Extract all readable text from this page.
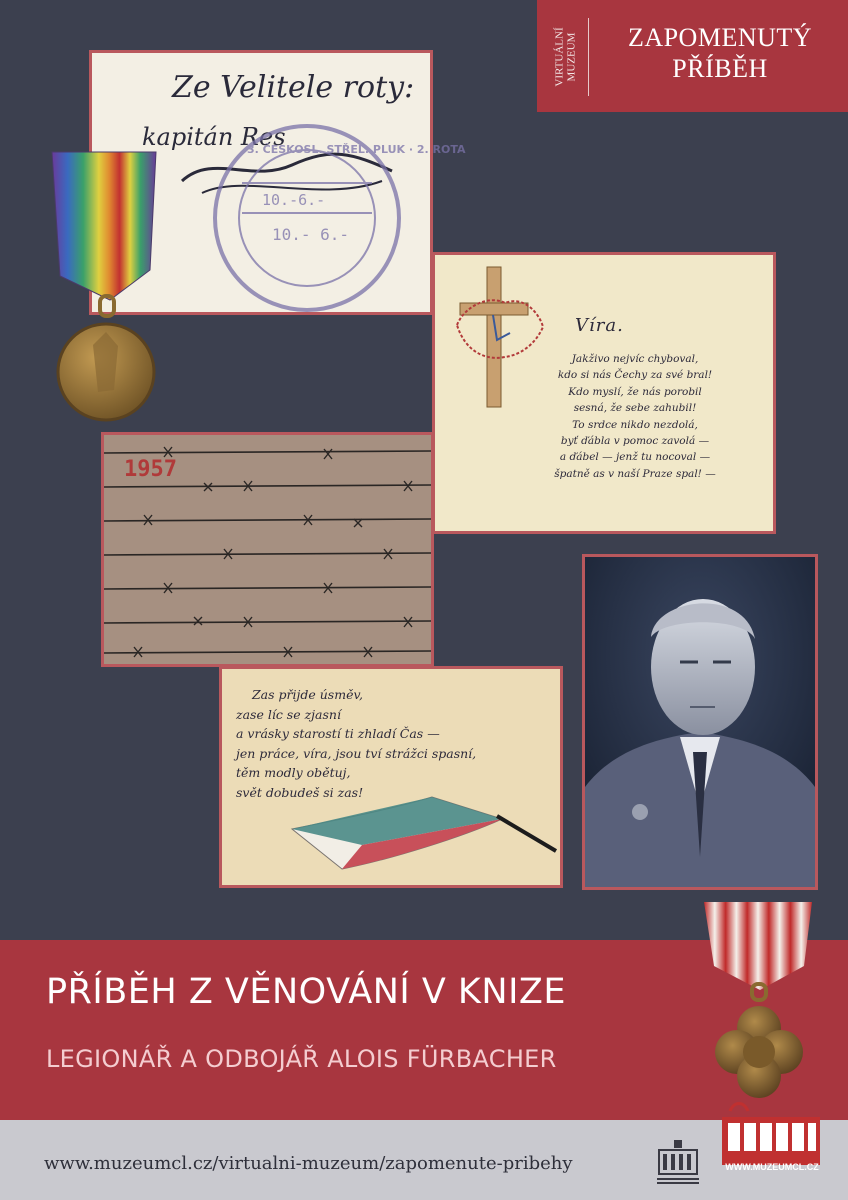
VIRTUÁLNÍ MUZEUM	ZAPOMENUTÝ
PŘÍBĚH
Ze Velitele roty:
kapitán Res
10.- 6.-
10.-6.-
3. ČESKOSL. STŘEL. PLUK · 2. ROTA
Víra.
Jakživo nejvíc chyboval,
kdo si nás Čechy za své bral!
Kdo myslí, že nás porobil
sesná, že sebe zahubil!
To srdce nikdo nezdolá,
byť ďábla v pomoc zavolá —
a ďábel — jenž tu nocoval —
špatně as v naší Praze spal! —
1957
Zas přijde úsměv,
zase líc se zjasní
a vrásky starostí ti zhladí Čas —
jen práce, víra, jsou tví strážci spasní,
těm modly obětuj,
svět dobudeš si zas!
PŘÍBĚH Z VĚNOVÁNÍ V KNIZE
LEGIONÁŘ A ODBOJÁŘ ALOIS FÜRBACHER
www.muzeumcl.cz/virtualni-muzeum/zapomenute-pribehy	WWW.MUZEUMCL.CZ
